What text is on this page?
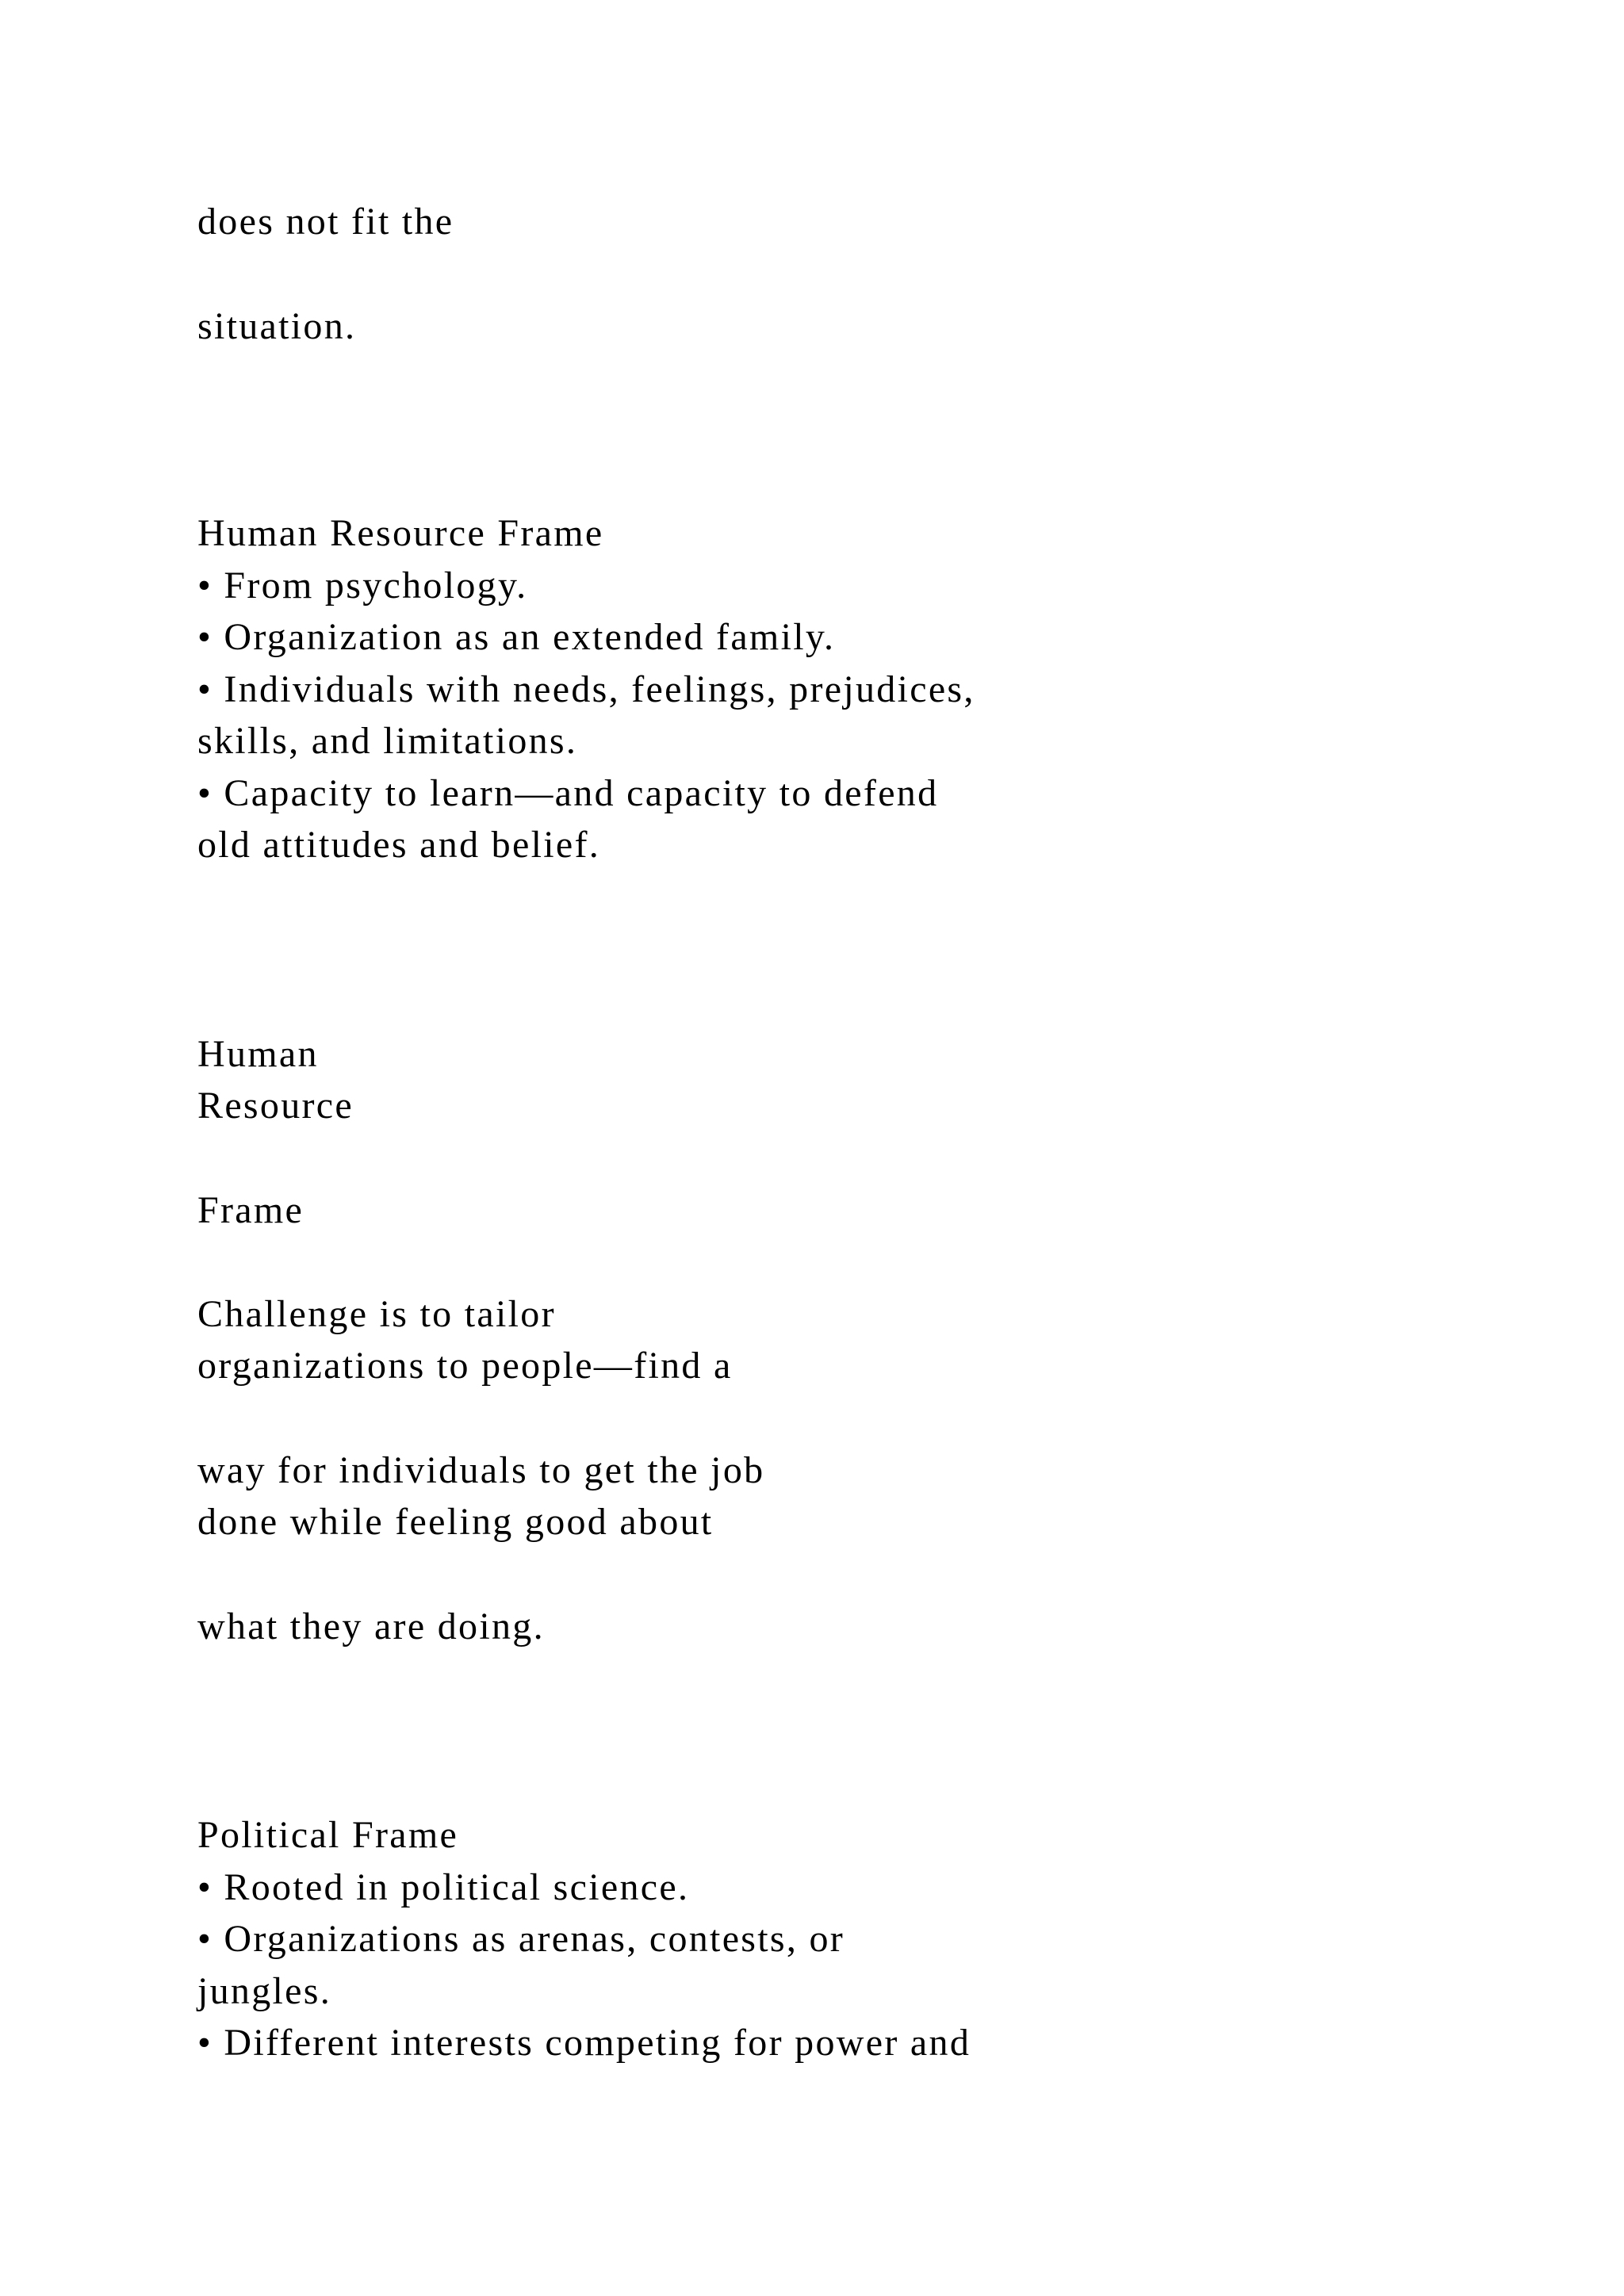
does not fit the

situation.

Human Resource Frame

• From psychology.

• Organization as an extended family.

• Individuals with needs, feelings, prejudices,

skills, and limitations.

• Capacity to learn—and capacity to defend

old attitudes and belief.

Human

Resource

Frame

Challenge is to tailor

organizations to people—find a

way for individuals to get the job

done while feeling good about

what they are doing.

Political Frame

• Rooted in political science.

• Organizations as arenas, contests, or

jungles.

• Different interests competing for power and
